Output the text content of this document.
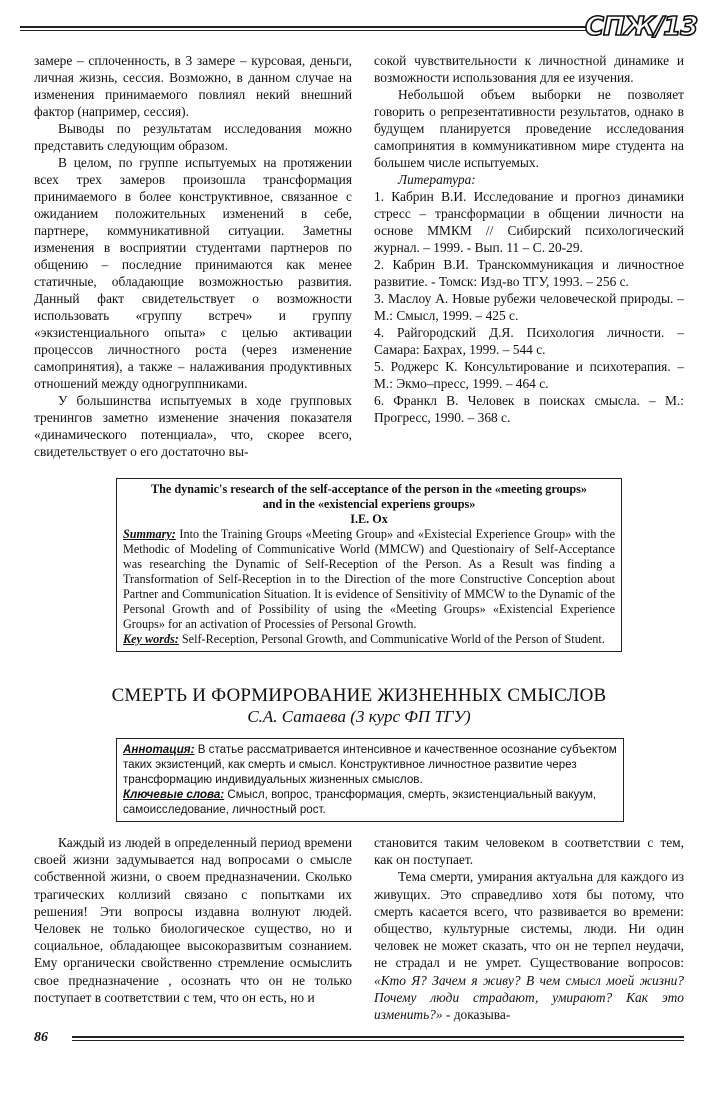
СПЖ/13

замере – сплоченность, в 3 замере – курсовая, деньги, личная жизнь, сессия. Возможно, в данном случае на изменения принимаемого повлиял некий внешний фактор (например, сессия).

Выводы по результатам исследования можно представить следующим образом.

В целом, по группе испытуемых на протяжении всех трех замеров произошла трансформация принимаемого в более конструктивное, связанное с ожиданием положительных изменений в себе, партнере, коммуникативной ситуации. Заметны изменения в восприятии студентами партнеров по общению – последние принимаются как менее статичные, обладающие возможностью развития. Данный факт свидетельствует о возможности использовать «группу встреч» и группу «экзистенциального опыта» с целью активации процессов личностного роста (через изменение самопринятия), а также – налаживания продуктивных отношений между одногруппниками.

У большинства испытуемых в ходе групповых тренингов заметно изменение значения показателя «динамического потенциала», что, скорее всего, свидетельствует о его достаточно вы-

сокой чувствительности к личностной динамике и возможности использования для ее изучения.

Небольшой объем выборки не позволяет говорить о репрезентативности результатов, однако в будущем планируется проведение исследования самопринятия в коммуникативном мире студента на большем числе испытуемых.

Литература:

1. Кабрин В.И. Исследование и прогноз динамики стресс – трансформации в общении личности на основе ММКМ // Сибирский психологический журнал. – 1999. - Вып. 11 – С. 20-29.

2. Кабрин В.И. Транскоммуникация и личностное развитие. - Томск: Изд-во ТГУ, 1993. – 256 с.

3. Маслоу А. Новые рубежи человеческой природы. – М.: Смысл, 1999. – 425 с.

4. Райгородский Д.Я. Психология личности. – Самара: Бахрах, 1999. – 544 с.

5. Роджерс К. Консультирование и психотерапия. – М.: Экмо–пресс, 1999. – 464 с.

6. Франкл В. Человек в поисках смысла. – М.: Прогресс, 1990. – 368 с.

The dynamic's research of the self-acceptance of the person in the «meeting groups»
and in the «existencial experiens groups»
I.E. Ox
Summary: Into the Training Groups «Meeting Group» and «Existecial Experience Group» with the Methodic of Modeling of Communicative World (MMCW) and Questionairy of Self-Acceptance was researching the Dynamic of Self-Reception of the Person. As a Result was finding a Transformation of Self-Reception in to the Direction of the more Constructive Conception about Partner and Communication Situation. It is evidence of Sensitivity of MMCW to the Dynamic of the Personal Growth and of Possibility of using the «Meeting Groups» «Existencial Experience Groups» for an activation of Processies of Personal Growth.
Key words: Self-Reception, Personal Growth, and Communicative World of the Person of Student.
СМЕРТЬ И ФОРМИРОВАНИЕ ЖИЗНЕННЫХ СМЫСЛОВ
С.А. Сатаева (3 курс ФП ТГУ)
Аннотация: В статье рассматривается интенсивное и качественное осознание субъектом таких экзистенций, как смерть и смысл. Конструктивное личностное развитие через трансформацию индивидуальных жизненных смыслов.
Ключевые слова: Смысл, вопрос, трансформация, смерть, экзистенциальный вакуум, самоисследование, личностный рост.

Каждый из людей в определенный период времени своей жизни задумывается над вопросами о смысле собственной жизни, о своем предназначении. Сколько трагических коллизий связано с попытками их решения! Эти вопросы издавна волнуют людей. Человек не только биологическое существо, но и социальное, обладающее высокоразвитым сознанием. Ему органически свойственно стремление осмыслить свое предназначение , осознать что он не только поступает в соответствии с тем, что он есть, но и

становится таким человеком в соответствии с тем, как он поступает.

Тема смерти, умирания актуальна для каждого из живущих. Это справедливо хотя бы потому, что смерть касается всего, что развивается во времени: общество, культурные системы, люди. Ни один человек не может сказать, что он не терпел неудачи, не страдал и не умрет. Существование вопросов: «Кто Я? Зачем я живу? В чем смысл моей жизни? Почему люди страдают, умирают? Как это изменить?» - доказыва-

86
